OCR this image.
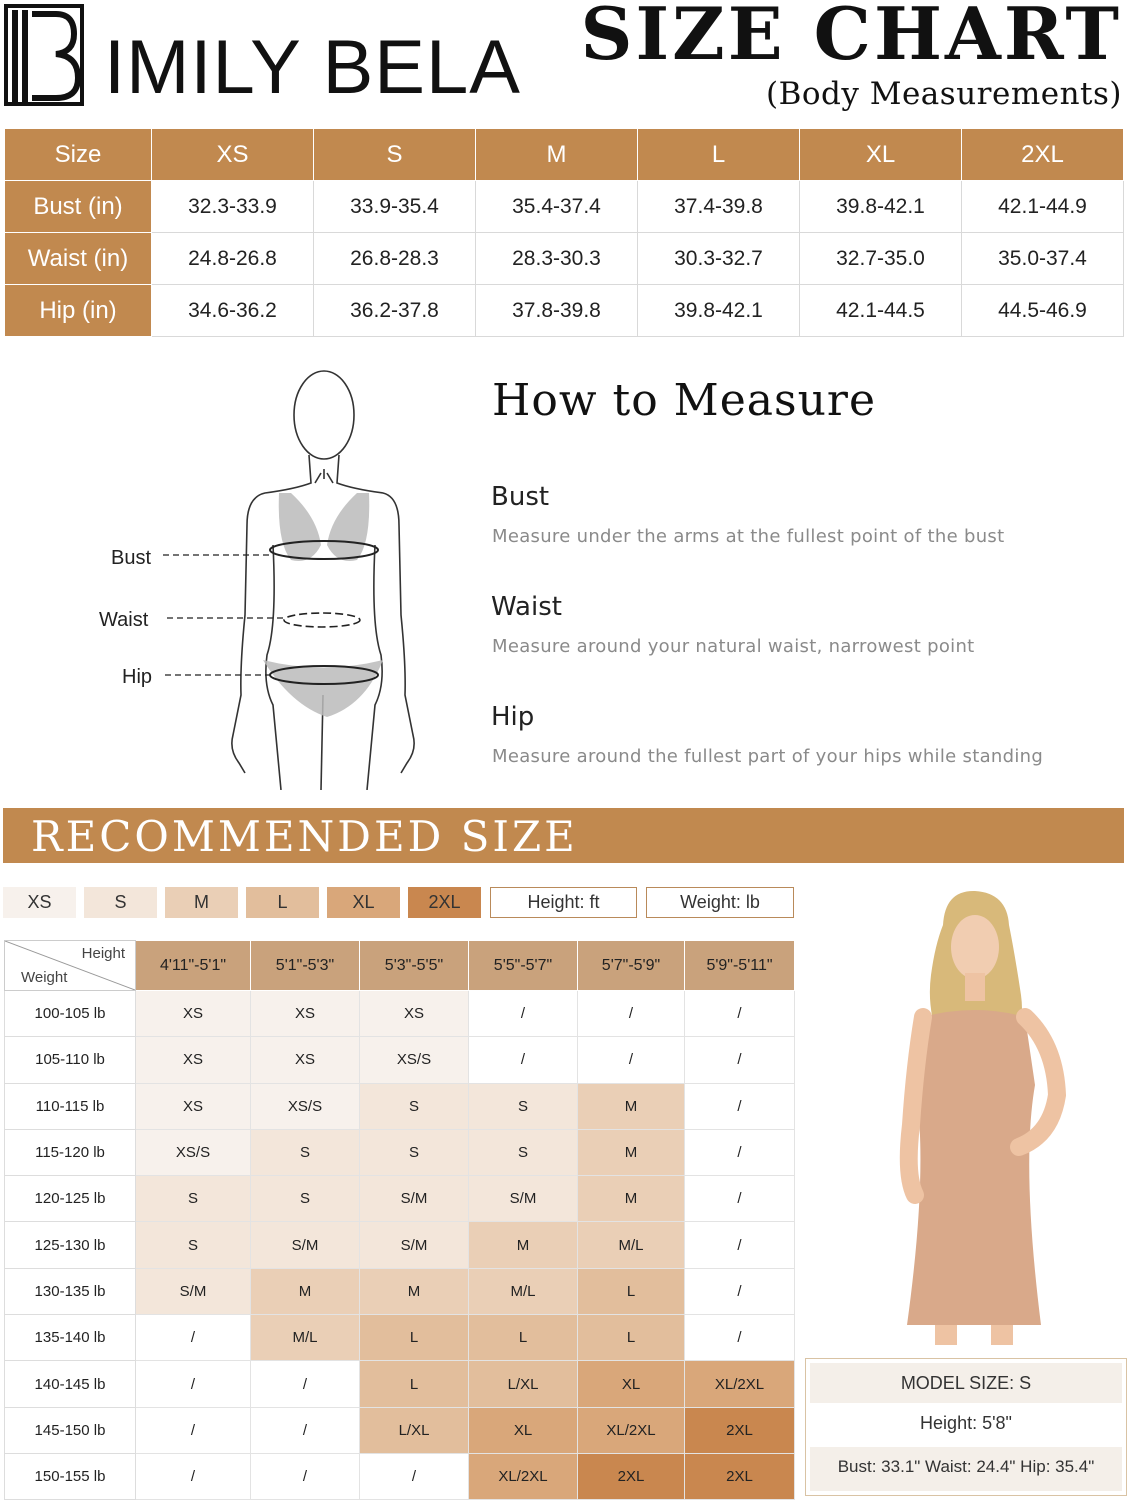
IMILY BELA SIZE CHART
(Body Measurements)
Size	XS	S	M	L	XL	2XL
Bust (in)	32.3-33.9	33.9-35.4	35.4-37.4	37.4-39.8	39.8-42.1	42.1-44.9
Waist (in)	24.8-26.8	26.8-28.3	28.3-30.3	30.3-32.7	32.7-35.0	35.0-37.4
Hip (in)	34.6-36.2	36.2-37.8	37.8-39.8	39.8-42.1	42.1-44.5	44.5-46.9
Bust
Waist
Hip
How to Measure
Bust
Measure under the arms at the fullest point of the bust
Waist
Measure around your natural waist, narrowest point
Hip
Measure around the fullest part of your hips while standing
RECOMMENDED SIZE
XS	S	M	L	XL	2XL	Height: ft	Weight: lb
Height
Weight	4'11"-5'1"	5'1"-5'3"	5'3"-5'5"	5'5"-5'7"	5'7"-5'9"	5'9"-5'11"
100-105 lb	XS	XS	XS	/	/	/
105-110 lb	XS	XS	XS/S	/	/	/
110-115 lb	XS	XS/S	S	S	M	/
115-120 lb	XS/S	S	S	S	M	/
120-125 lb	S	S	S/M	S/M	M	/
125-130 lb	S	S/M	S/M	M	M/L	/
130-135 lb	S/M	M	M	M/L	L	/
135-140 lb	/	M/L	L	L	L	/
140-145 lb	/	/	L	L/XL	XL	XL/2XL
145-150 lb	/	/	L/XL	XL	XL/2XL	2XL
150-155 lb	/	/	/	XL/2XL	2XL	2XL
MODEL SIZE: S
Height: 5'8"
Bust: 33.1" Waist: 24.4" Hip: 35.4"
